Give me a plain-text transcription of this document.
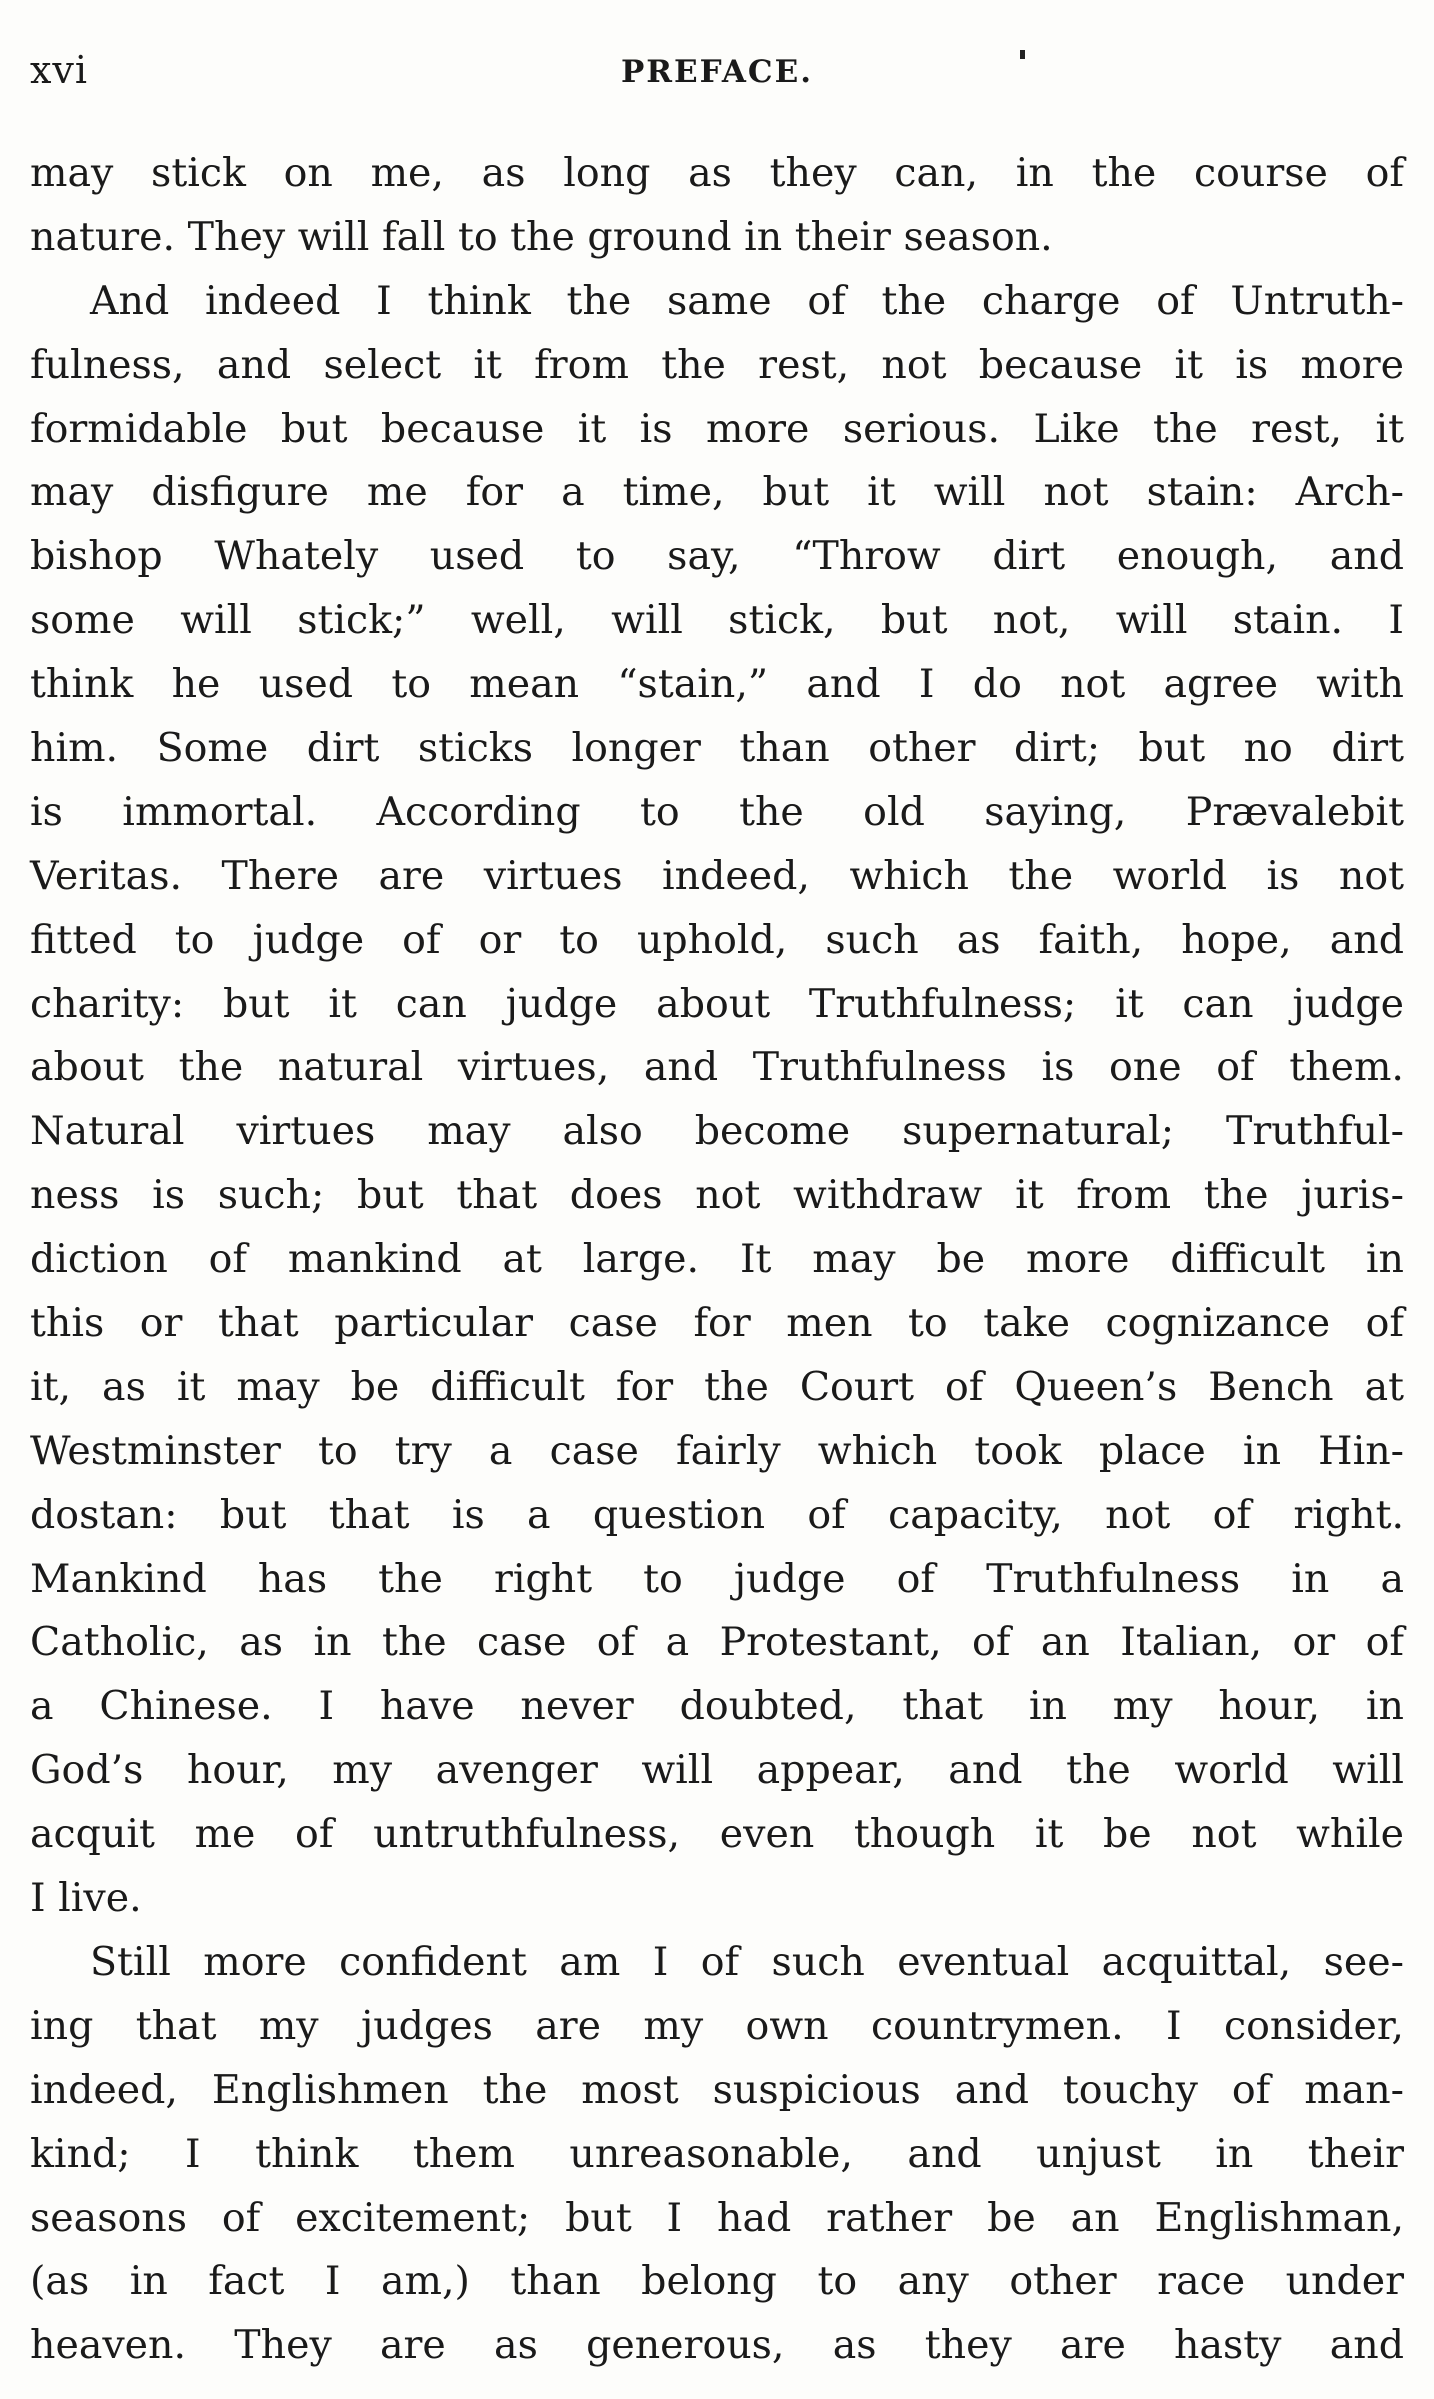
xvi	PREFACE.
may stick on me, as long as they can, in the course of
nature. They will fall to the ground in their season.
And indeed I think the same of the charge of Untruth-
fulness, and select it from the rest, not because it is more
formidable but because it is more serious. Like the rest, it
may disfigure me for a time, but it will not stain: Arch-
bishop Whately used to say, “Throw dirt enough, and
some will stick;” well, will stick, but not, will stain. I
think he used to mean “stain,” and I do not agree with
him. Some dirt sticks longer than other dirt; but no dirt
is immortal. According to the old saying, Prævalebit
Veritas. There are virtues indeed, which the world is not
fitted to judge of or to uphold, such as faith, hope, and
charity: but it can judge about Truthfulness; it can judge
about the natural virtues, and Truthfulness is one of them.
Natural virtues may also become supernatural; Truthful-
ness is such; but that does not withdraw it from the juris-
diction of mankind at large. It may be more difficult in
this or that particular case for men to take cognizance of
it, as it may be difficult for the Court of Queen’s Bench at
Westminster to try a case fairly which took place in Hin-
dostan: but that is a question of capacity, not of right.
Mankind has the right to judge of Truthfulness in a
Catholic, as in the case of a Protestant, of an Italian, or of
a Chinese. I have never doubted, that in my hour, in
God’s hour, my avenger will appear, and the world will
acquit me of untruthfulness, even though it be not while
I live.
Still more confident am I of such eventual acquittal, see-
ing that my judges are my own countrymen. I consider,
indeed, Englishmen the most suspicious and touchy of man-
kind; I think them unreasonable, and unjust in their
seasons of excitement; but I had rather be an Englishman,
(as in fact I am,) than belong to any other race under
heaven. They are as generous, as they are hasty and
